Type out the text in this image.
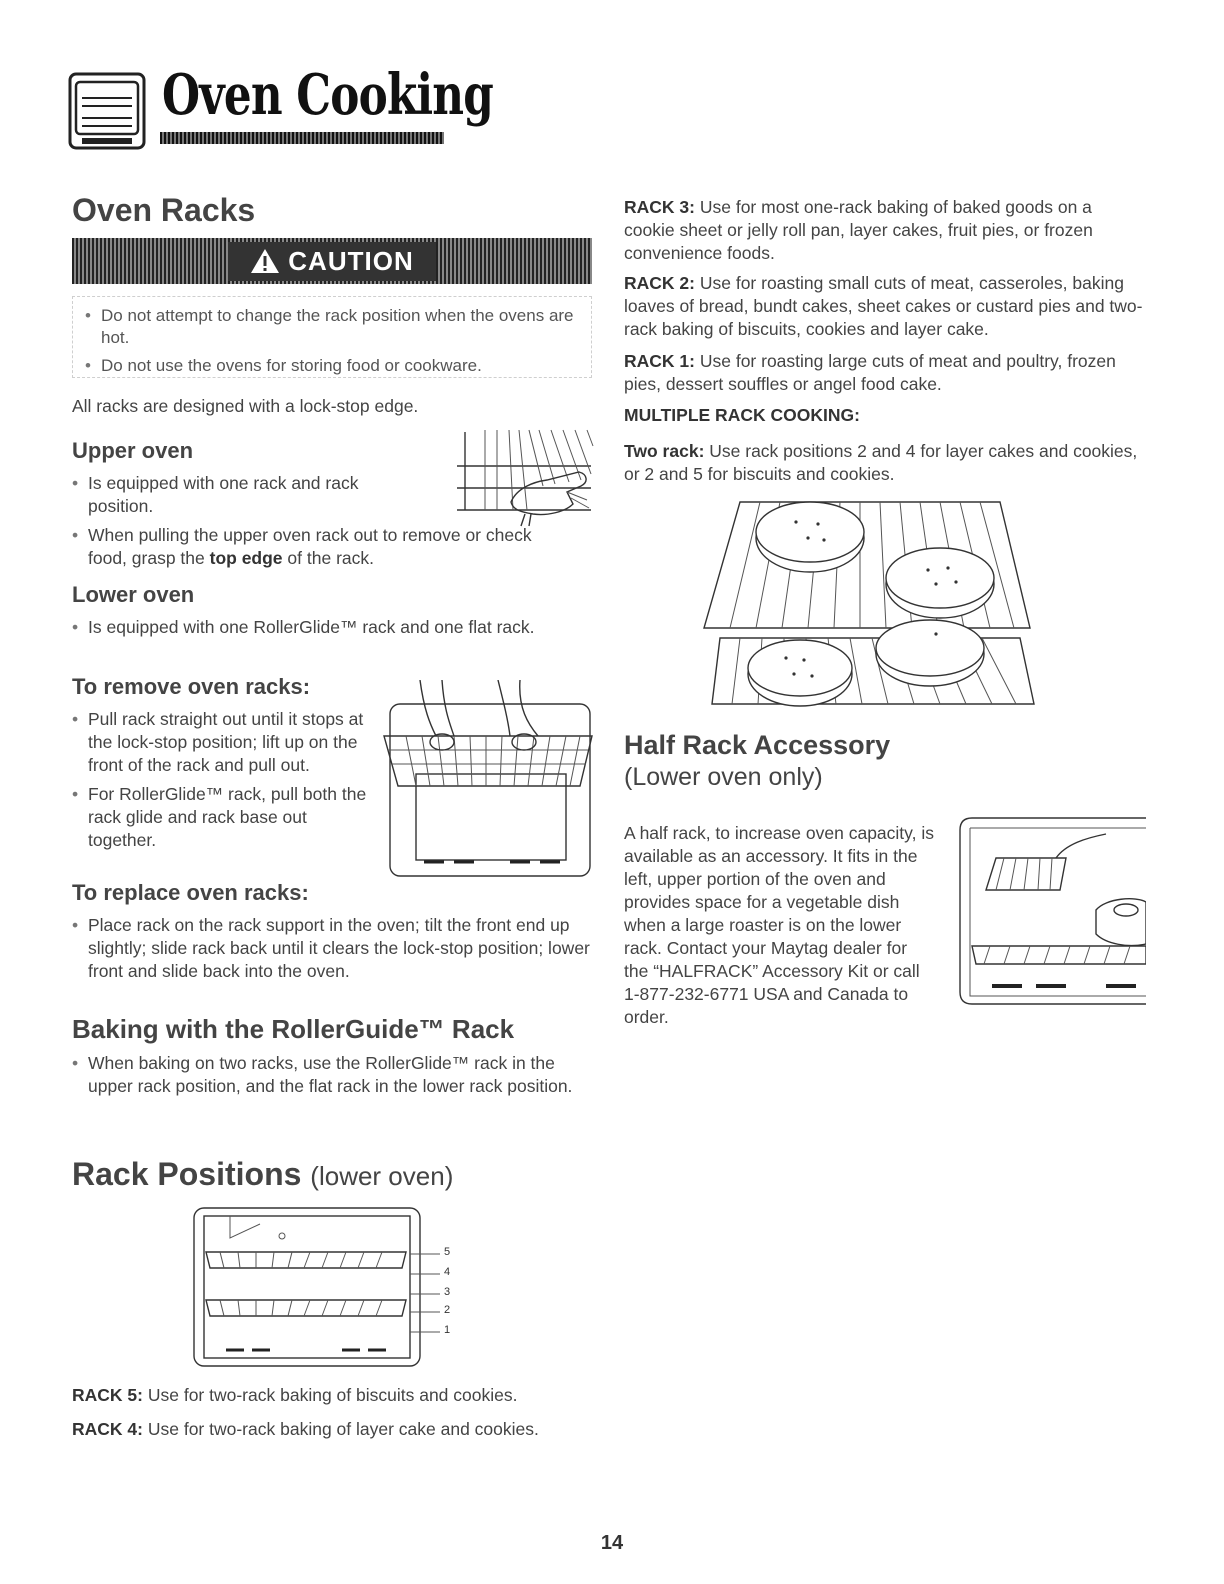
Oven Cooking
Oven Racks
CAUTION
• Do not attempt to change the rack position when the ovens are hot.
• Do not use the ovens for storing food or cookware.

All racks are designed with a lock-stop edge.

Upper oven
• Is equipped with one rack and rack position.
• When pulling the upper oven rack out to remove or check food, grasp the top edge of the rack.
Lower oven
• Is equipped with one RollerGlide™ rack and one flat rack.
To remove oven racks:
• Pull rack straight out until it stops at the lock-stop position; lift up on the front of the rack and pull out.
• For RollerGlide™ rack, pull both the rack glide and rack base out together.
To replace oven racks:
• Place rack on the rack support in the oven; tilt the front end up slightly; slide rack back until it clears the lock-stop position; lower front and slide back into the oven.
Baking with the RollerGuide™ Rack
• When baking on two racks, use the RollerGlide™ rack in the upper rack position, and the flat rack in the lower rack position.
Rack Positions (lower oven)
5
4
3
2
1

RACK 5: Use for two-rack baking of biscuits and cookies.

RACK 4: Use for two-rack baking of layer cake and cookies.

RACK 3: Use for most one-rack baking of baked goods on a cookie sheet or jelly roll pan, layer cakes, fruit pies, or frozen convenience foods.

RACK 2: Use for roasting small cuts of meat, casseroles, baking loaves of bread, bundt cakes, sheet cakes or custard pies and two-rack baking of biscuits, cookies and layer cake.

RACK 1: Use for roasting large cuts of meat and poultry, frozen pies, dessert souffles or angel food cake.

MULTIPLE RACK COOKING:

Two rack: Use rack positions 2 and 4 for layer cakes and cookies, or 2 and 5 for biscuits and cookies.

Half Rack Accessory
(Lower oven only)

A half rack, to increase oven capacity, is available as an accessory. It fits in the left, upper portion of the oven and provides space for a vegetable dish when a large roaster is on the lower rack. Contact your Maytag dealer for the “HALFRACK” Accessory Kit or call 1-877-232-6771 USA and Canada to order.

14
